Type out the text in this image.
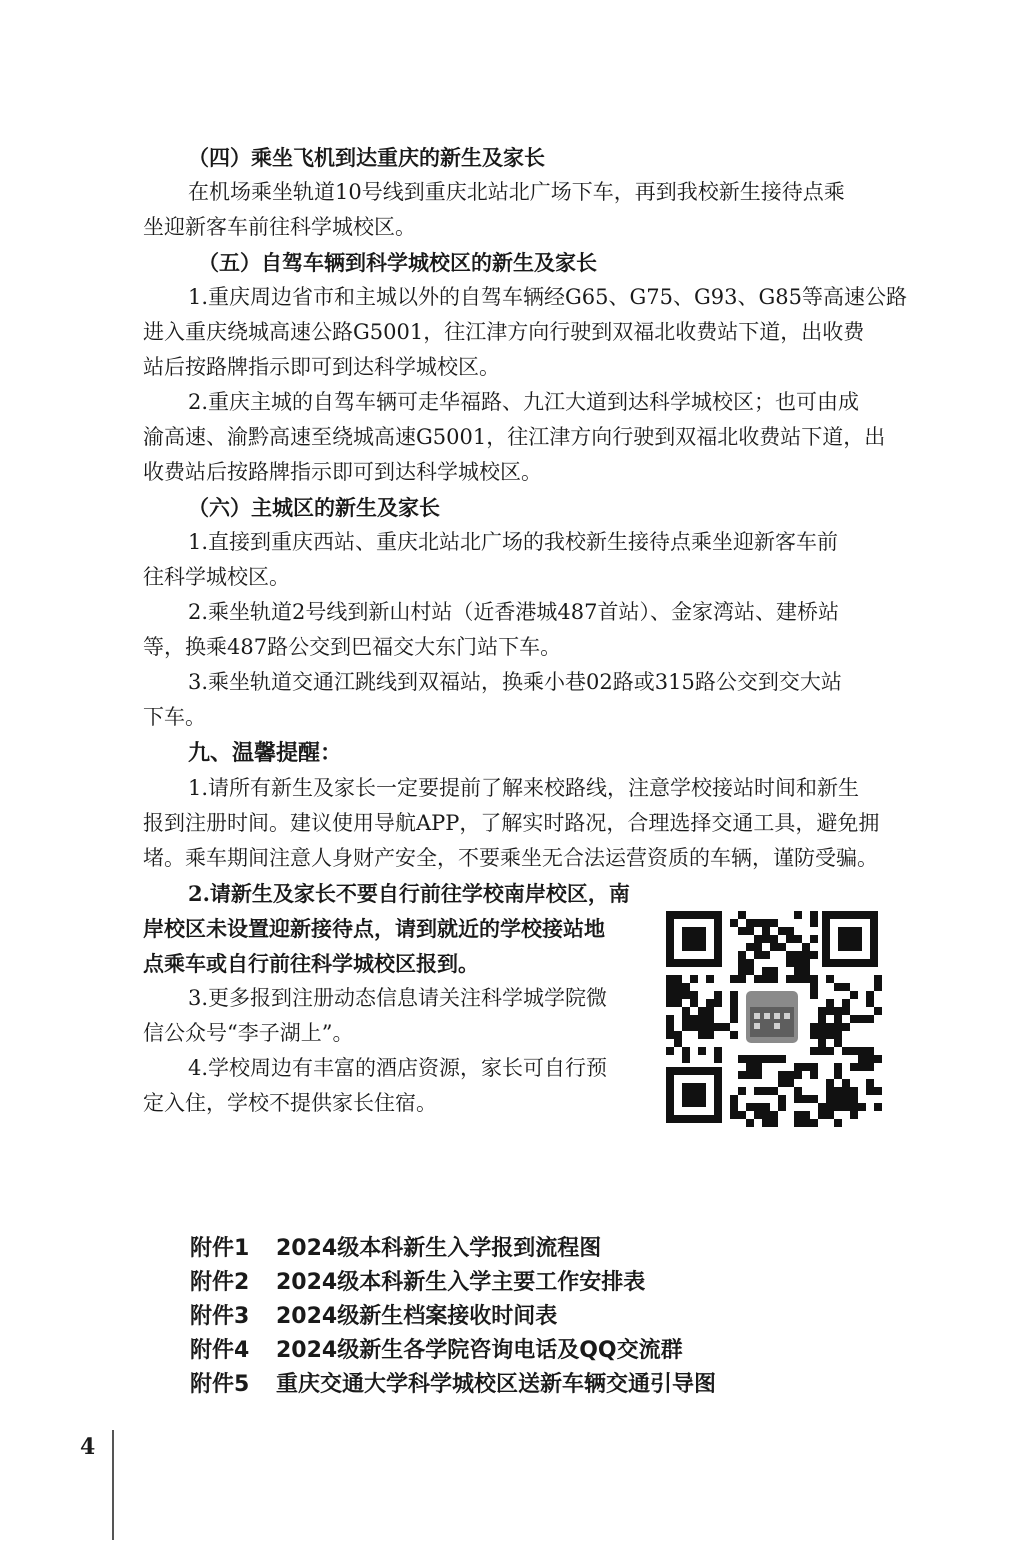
（四）乘坐飞机到达重庆的新生及家长
在机场乘坐轨道10号线到重庆北站北广场下车，再到我校新生接待点乘
坐迎新客车前往科学城校区。
（五）自驾车辆到科学城校区的新生及家长
1.重庆周边省市和主城以外的自驾车辆经G65、G75、G93、G85等高速公路
进入重庆绕城高速公路G5001，往江津方向行驶到双福北收费站下道，出收费
站后按路牌指示即可到达科学城校区。
2.重庆主城的自驾车辆可走华福路、九江大道到达科学城校区；也可由成
渝高速、渝黔高速至绕城高速G5001，往江津方向行驶到双福北收费站下道，出
收费站后按路牌指示即可到达科学城校区。
（六）主城区的新生及家长
1.直接到重庆西站、重庆北站北广场的我校新生接待点乘坐迎新客车前
往科学城校区。
2.乘坐轨道2号线到新山村站（近香港城487首站）、金家湾站、建桥站
等，换乘487路公交到巴福交大东门站下车。
3.乘坐轨道交通江跳线到双福站，换乘小巷02路或315路公交到交大站
下车。
九、温馨提醒：
1.请所有新生及家长一定要提前了解来校路线，注意学校接站时间和新生
报到注册时间。建议使用导航APP，了解实时路况，合理选择交通工具，避免拥
堵。乘车期间注意人身财产安全，不要乘坐无合法运营资质的车辆，谨防受骗。
2.请新生及家长不要自行前往学校南岸校区，南
岸校区未设置迎新接待点，请到就近的学校接站地
点乘车或自行前往科学城校区报到。
3.更多报到注册动态信息请关注科学城学院微
信公众号“李子湖上”。
4.学校周边有丰富的酒店资源，家长可自行预
定入住，学校不提供家长住宿。
附件1 2024级本科新生入学报到流程图
附件2 2024级本科新生入学主要工作安排表
附件3 2024级新生档案接收时间表
附件4 2024级新生各学院咨询电话及QQ交流群
附件5 重庆交通大学科学城校区送新车辆交通引导图
4
